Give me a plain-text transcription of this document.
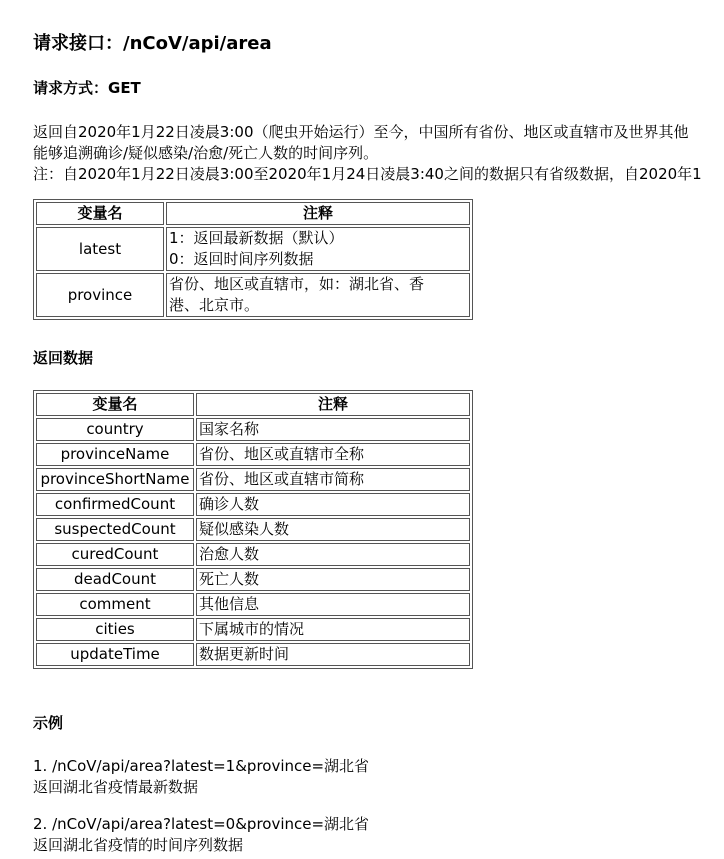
请求接口：/nCoV/api/area
请求方式：GET
返回自2020年1月22日凌晨3:00（爬虫开始运行）至今，中国所有省份、地区或直辖市及世界其他
能够追溯确诊/疑似感染/治愈/死亡人数的时间序列。
注：自2020年1月22日凌晨3:00至2020年1月24日凌晨3:40之间的数据只有省级数据，自2020年1
变量名	注释
latest	1：返回最新数据（默认）
0：返回时间序列数据

province	省份、地区或直辖市，如：湖北省、香
港、北京市。
返回数据
变量名	注释
country	国家名称
provinceName	省份、地区或直辖市全称
provinceShortName	省份、地区或直辖市简称
confirmedCount	确诊人数
suspectedCount	疑似感染人数
curedCount	治愈人数
deadCount	死亡人数
comment	其他信息
cities	下属城市的情况
updateTime	数据更新时间
示例
1. /nCoV/api/area?latest=1&province=湖北省
返回湖北省疫情最新数据
2. /nCoV/api/area?latest=0&province=湖北省
返回湖北省疫情的时间序列数据
